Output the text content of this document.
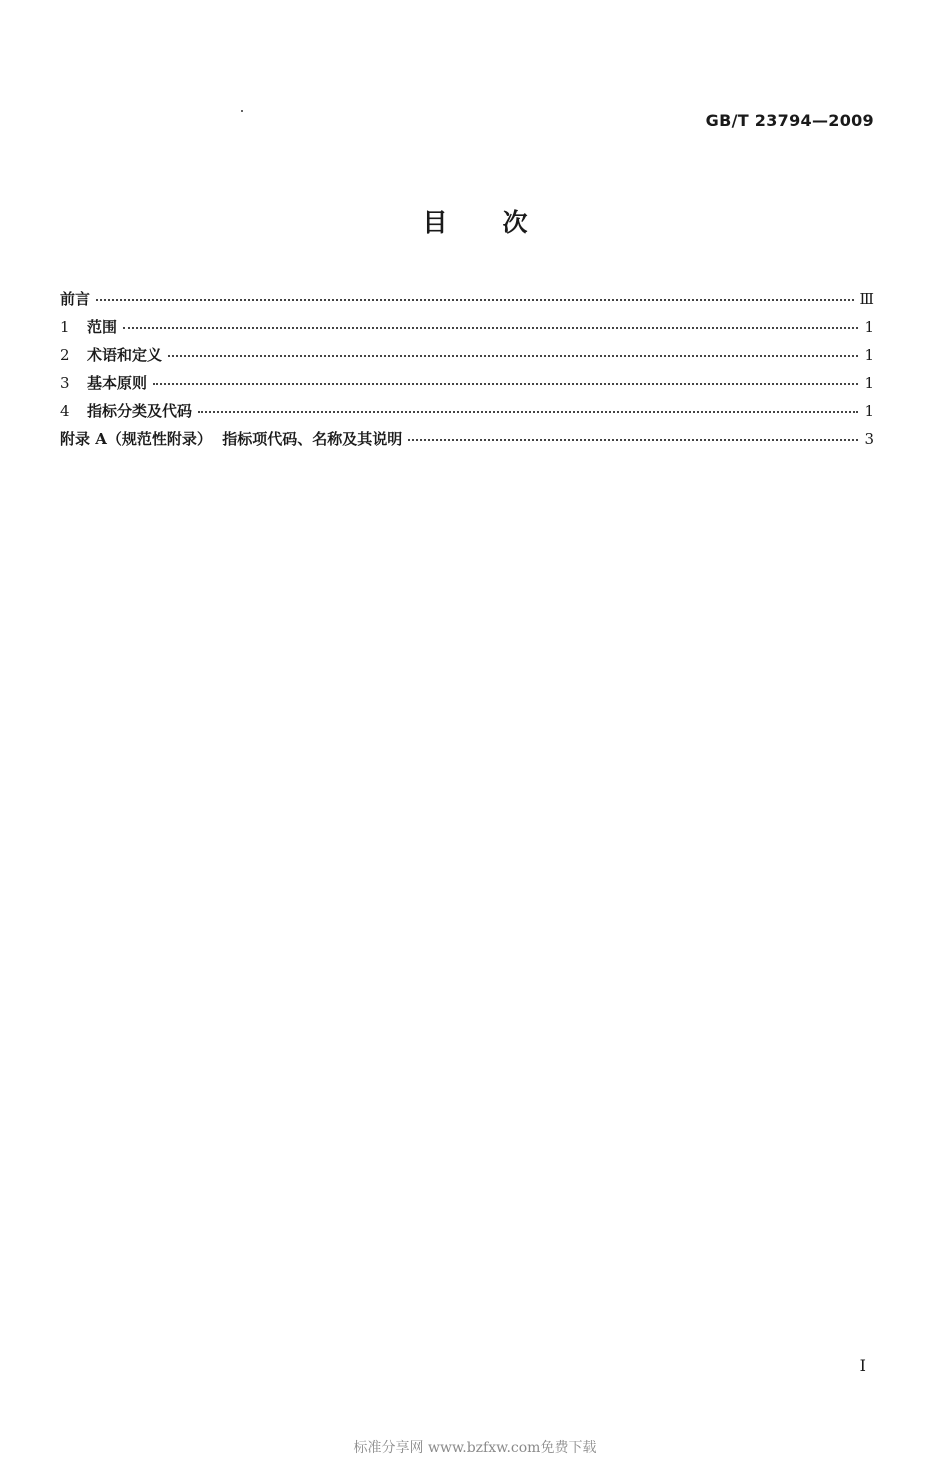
GB/T 23794—2009
目次
前言	Ⅲ
1	范围	1
2	术语和定义	1
3	基本原则	1
4	指标分类及代码	1
附录 A（规范性附录）  指标项代码、名称及其说明	3
I
标准分享网 www.bzfxw.com免费下载
